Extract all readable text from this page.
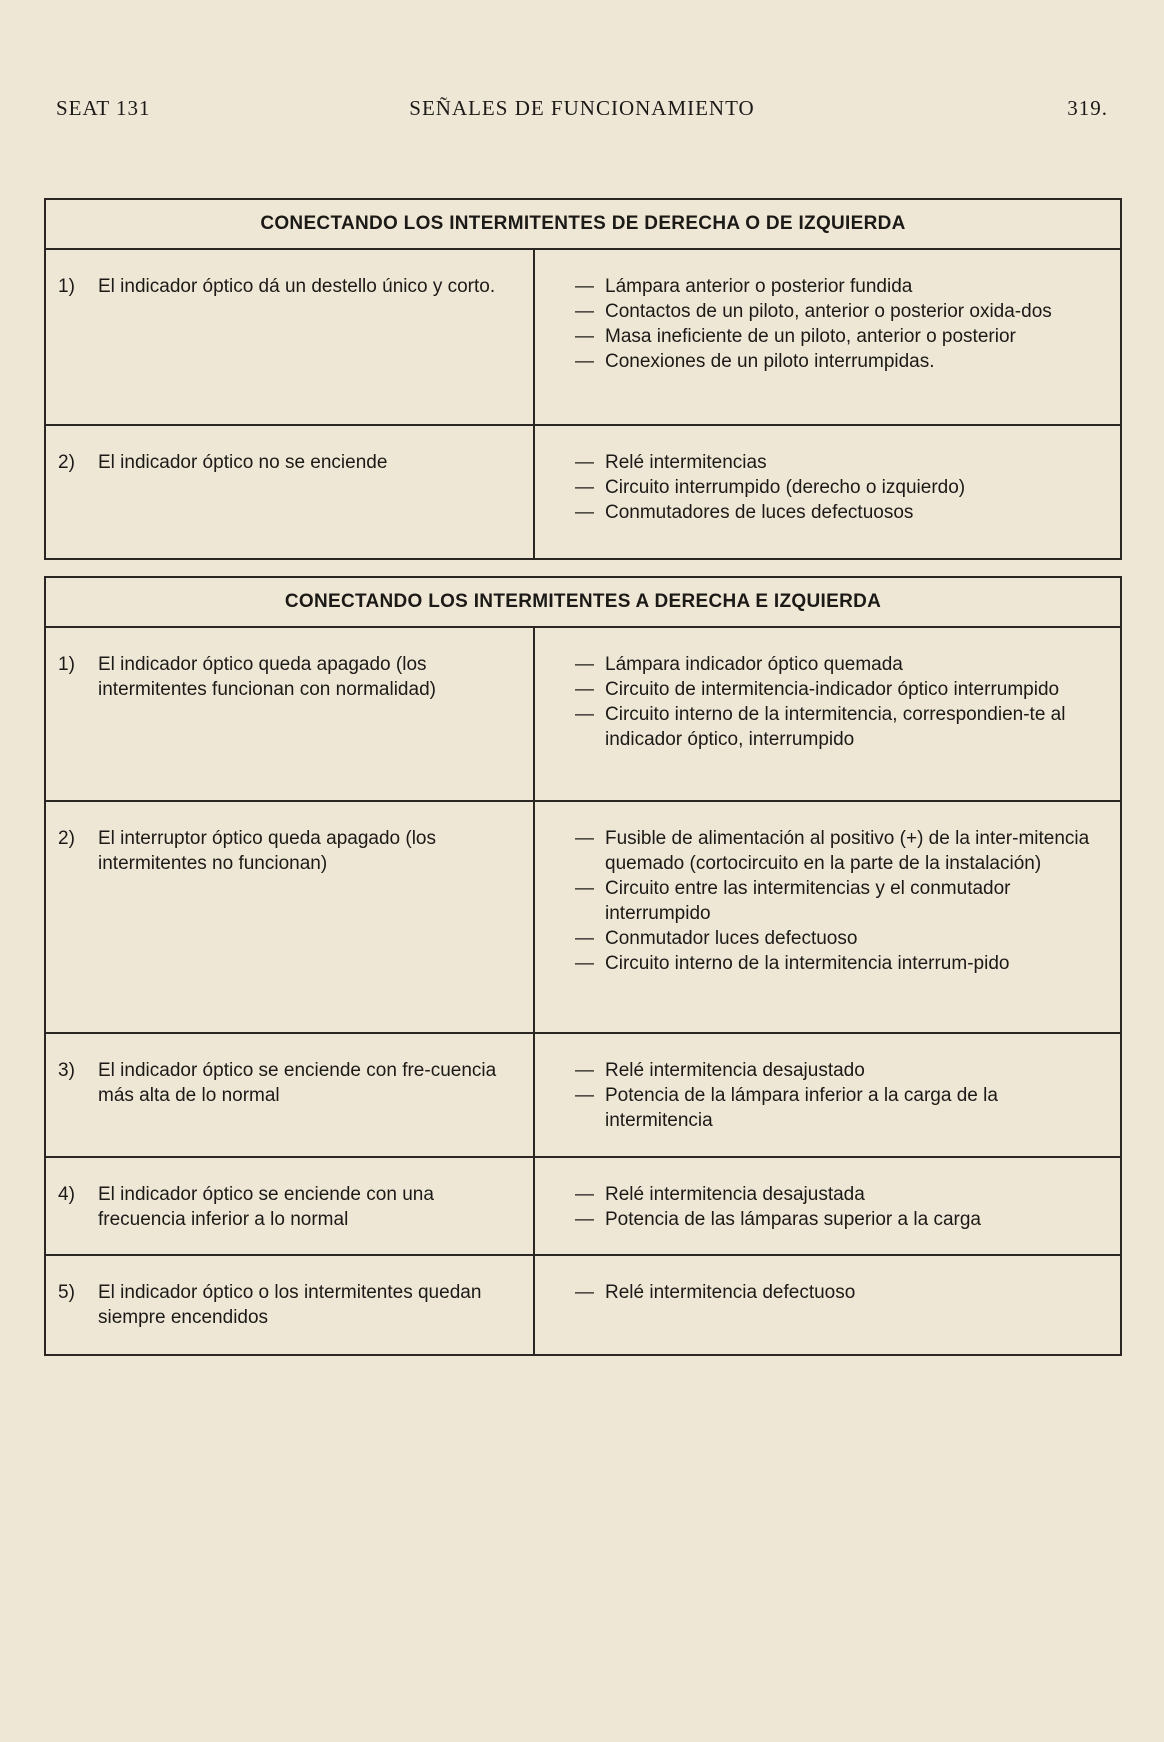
SEAT 131	SEÑALES DE FUNCIONAMIENTO	319.
CONECTANDO LOS INTERMITENTES DE DERECHA O DE IZQUIERDA
1)	El indicador óptico dá un destello único y corto.	— Lámpara anterior o posterior fundida
— Contactos de un piloto, anterior o posterior oxida-dos
— Masa ineficiente de un piloto, anterior o posterior
— Conexiones de un piloto interrumpidas.
2)	El indicador óptico no se enciende	— Relé intermitencias
— Circuito interrumpido (derecho o izquierdo)
— Conmutadores de luces defectuosos
CONECTANDO LOS INTERMITENTES A DERECHA E IZQUIERDA
1)	El indicador óptico queda apagado (los intermitentes funcionan con normalidad)
— Lámpara indicador óptico quemada
— Circuito de intermitencia-indicador óptico interrumpido
— Circuito interno de la intermitencia, correspondien-te al indicador óptico, interrumpido
2)	El interruptor óptico queda apagado (los intermitentes no funcionan)
— Fusible de alimentación al positivo (+) de la inter-mitencia quemado (cortocircuito en la parte de la instalación)
— Circuito entre las intermitencias y el conmutador interrumpido
— Conmutador luces defectuoso
— Circuito interno de la intermitencia interrum-pido
3)	El indicador óptico se enciende con fre-cuencia más alta de lo normal
— Relé intermitencia desajustado
— Potencia de la lámpara inferior a la carga de la intermitencia
4)	El indicador óptico se enciende con una frecuencia inferior a lo normal
— Relé intermitencia desajustada
— Potencia de las lámparas superior a la carga
5)	El indicador óptico o los intermitentes quedan siempre encendidos
— Relé intermitencia defectuoso
